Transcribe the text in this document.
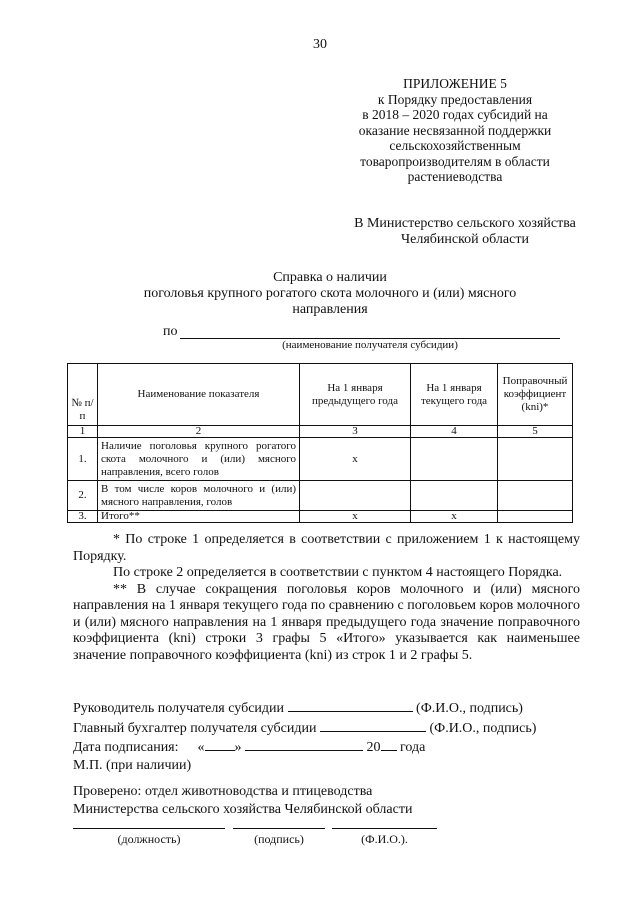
30
ПРИЛОЖЕНИЕ 5
к Порядку предоставления
в 2018 – 2020 годах субсидий на
оказание несвязанной поддержки
сельскохозяйственным
товаропроизводителям в области
растениеводства
В Министерство сельского хозяйства
Челябинской области
Справка о наличии
поголовья крупного рогатого скота молочного и (или) мясного
направления
по
(наименование получателя субсидии)
№ п/п	Наименование показателя	На 1 января предыдущего года	На 1 января текущего года	Поправочный коэффициент (kni)*
1	2	3	4	5
1.	Наличие поголовья крупного рогатого скота молочного и (или) мясного направления, всего голов	х		
2.	В том числе коров молочного и (или) мясного направления, голов			
3.	Итого**	х	х	

* По строке 1 определяется в соответствии с приложением 1 к настоящему Порядку.

По строке 2 определяется в соответствии с пунктом 4 настоящего Порядка.

** В случае сокращения поголовья коров молочного и (или) мясного направления на 1 января текущего года по сравнению с поголовьем коров молочного и (или) мясного направления на 1 января предыдущего года значение поправочного коэффициента (kni) строки 3 графы 5 «Итого» указывается как наименьшее значение поправочного коэффициента (kni) из строк 1 и 2 графы 5.

Руководитель получателя субсидии	(Ф.И.О., подпись)
Главный бухгалтер получателя субсидии	(Ф.И.О., подпись)
Дата подписания: « »	20 года
М.П. (при наличии)
Проверено: отдел животноводства и птицеводства
Министерства сельского хозяйства Челябинской области
(должность)	(подпись)	(Ф.И.О.).
